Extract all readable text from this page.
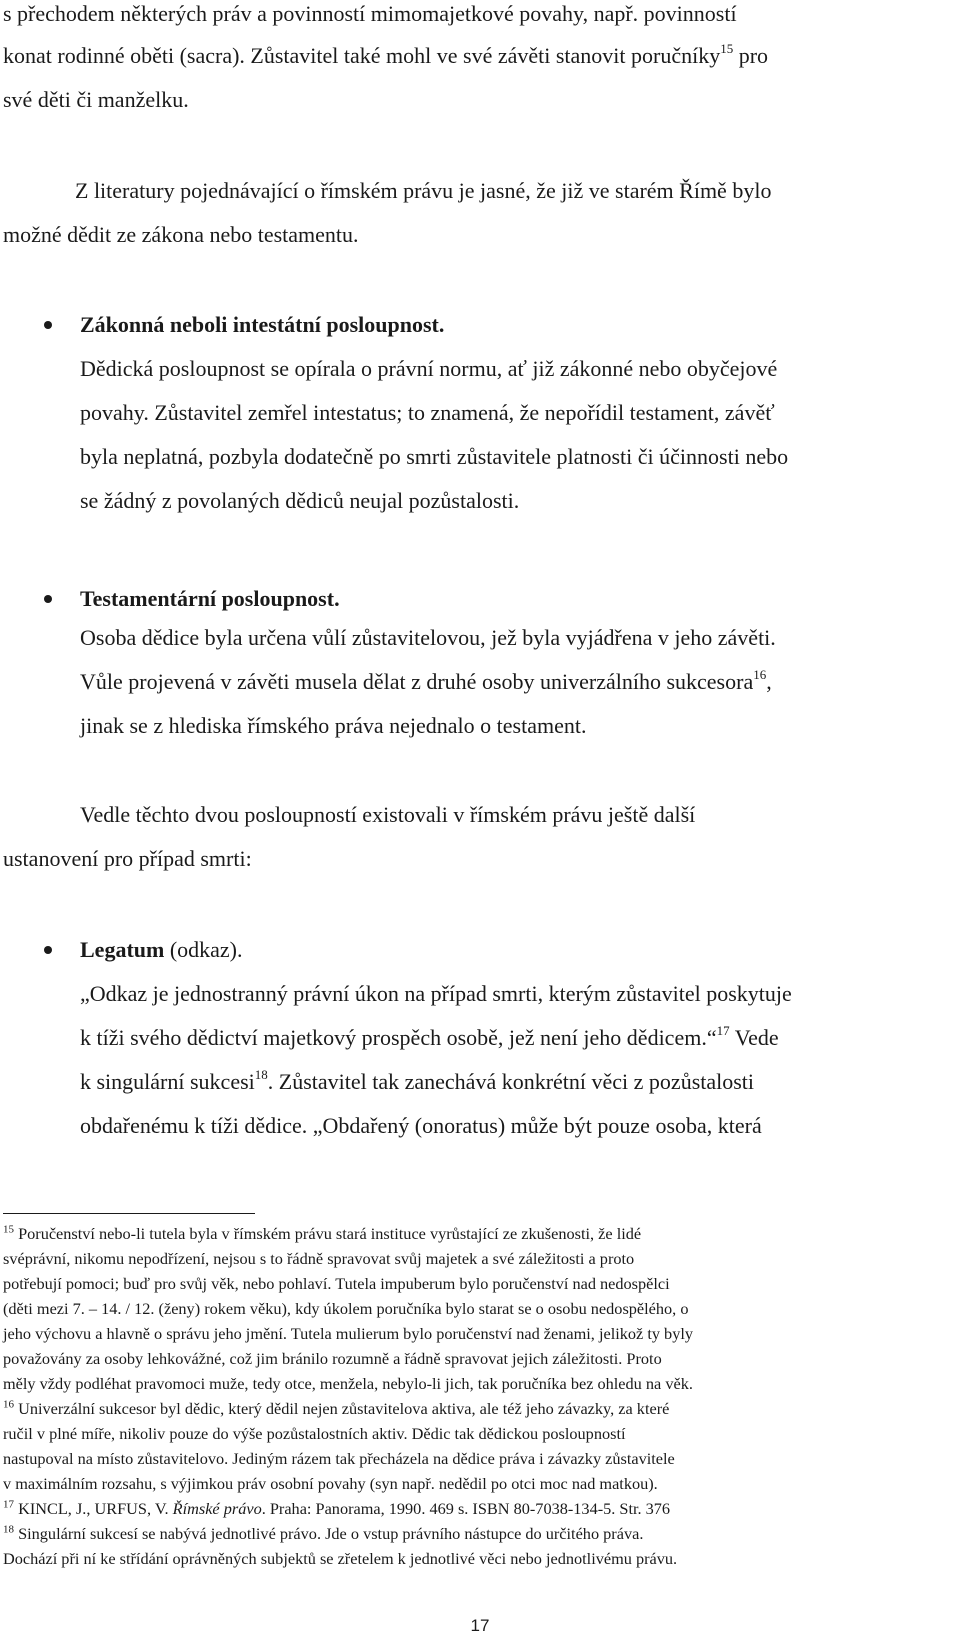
s přechodem některých práv a povinností mimomajetkové povahy, např. povinností
konat rodinné oběti (sacra). Zůstavitel také mohl ve své závěti stanovit poručníky$^{15}$ pro
své děti či manželku.
Z literatury pojednávající o římském právu je jasné, že již ve starém Římě bylo
možné dědit ze zákona nebo testamentu.
Zákonná neboli intestátní posloupnost.
Dědická posloupnost se opírala o právní normu, ať již zákonné nebo obyčejové
povahy. Zůstavitel zemřel intestatus; to znamená, že nepořídil testament, závěť
byla neplatná, pozbyla dodatečně po smrti zůstavitele platnosti či účinnosti nebo
se žádný z povolaných dědiců neujal pozůstalosti.
Testamentární posloupnost.
Osoba dědice byla určena vůlí zůstavitelovou, jež byla vyjádřena v jeho závěti.
Vůle projevená v závěti musela dělat z druhé osoby univerzálního sukcesora$^{16}$,
jinak se z hlediska římského práva nejednalo o testament.
Vedle těchto dvou posloupností existovali v římském právu ještě další
ustanovení pro případ smrti:
Legatum (odkaz).
„Odkaz je jednostranný právní úkon na případ smrti, kterým zůstavitel poskytuje
k tíži svého dědictví majetkový prospěch osobě, jež není jeho dědicem.“$^{17}$ Vede
k singulární sukcesi$^{18}$. Zůstavitel tak zanechává konkrétní věci z pozůstalosti
obdařenému k tíži dědice. „Obdařený (onoratus) může být pouze osoba, která
$^{15}$ Poručenství nebo-li tutela byla v římském právu stará instituce vyrůstající ze zkušenosti, že lidé
svéprávní, nikomu nepodřízení, nejsou s to řádně spravovat svůj majetek a své záležitosti a proto
potřebují pomoci; buď pro svůj věk, nebo pohlaví. Tutela impuberum bylo poručenství nad nedospělci
(děti mezi 7. – 14. / 12. (ženy) rokem věku), kdy úkolem poručníka bylo starat se o osobu nedospělého, o
jeho výchovu a hlavně o správu jeho jmění. Tutela mulierum bylo poručenství nad ženami, jelikož ty byly
považovány za osoby lehkovážné, což jim bránilo rozumně a řádně spravovat jejich záležitosti. Proto
měly vždy podléhat pravomoci muže, tedy otce, menžela, nebylo-li jich, tak poručníka bez ohledu na věk.
$^{16}$ Univerzální sukcesor byl dědic, který dědil nejen zůstavitelova aktiva, ale též jeho závazky, za které
ručil v plné míře, nikoliv pouze do výše pozůstalostních aktiv. Dědic tak dědickou posloupností
nastupoval na místo zůstavitelovo. Jediným rázem tak přecházela na dědice práva i závazky zůstavitele
v maximálním rozsahu, s výjimkou práv osobní povahy (syn např. nedědil po otci moc nad matkou).
$^{17}$ KINCL, J., URFUS, V. Římské právo. Praha: Panorama, 1990. 469 s. ISBN 80-7038-134-5. Str. 376
$^{18}$ Singulární sukcesí se nabývá jednotlivé právo. Jde o vstup právního nástupce do určitého práva.
Dochází při ní ke střídání oprávněných subjektů se zřetelem k jednotlivé věci nebo jednotlivému právu.
17
